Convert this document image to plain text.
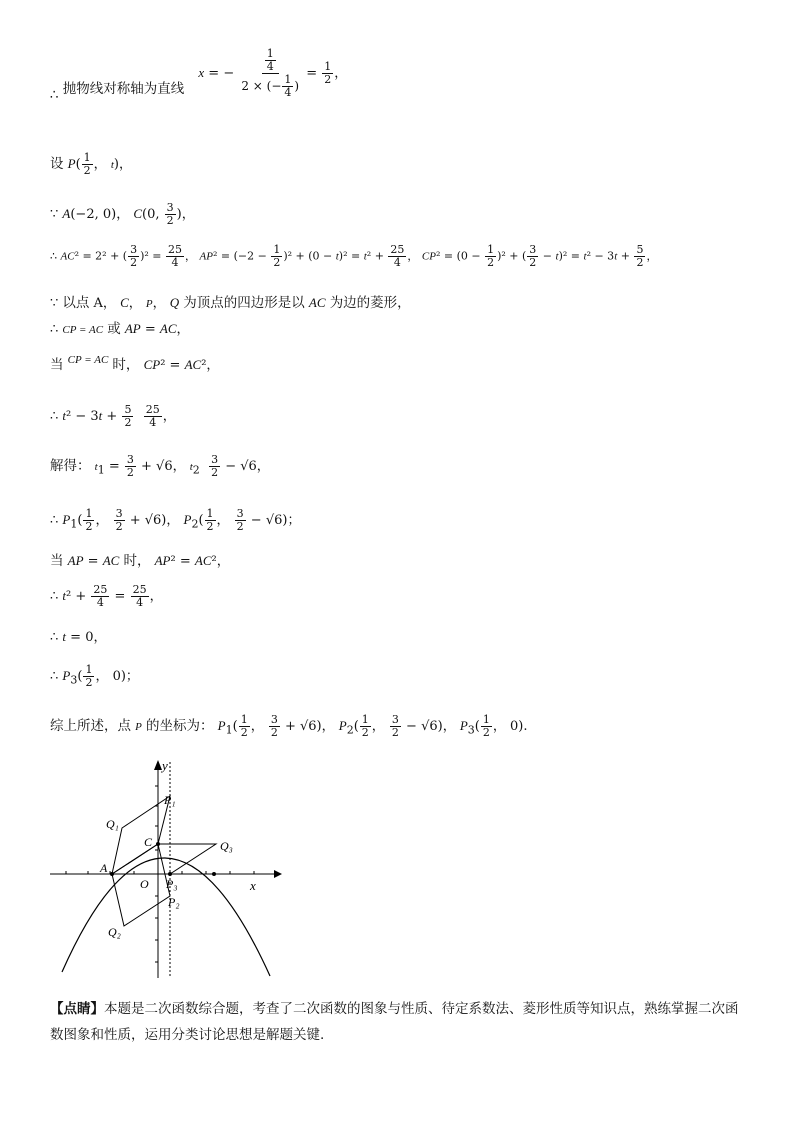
∴ 抛物线对称轴为直线 x = − $\frac{\frac{1}{4}}{2 \times (- \frac{1}{4} )} = \frac{1}{2}$ ，
设 $P( \frac{1}{2}$ ， t)，
∵ A(−2, 0)， C(0, $\frac{3}{2}$ )，
∴ AC² = 2² + ( $\frac{3}{2} )^2 = \frac{25}{4}$ ， $AP^2 = (-2 - \frac{1}{2} )^2 + (0 - t)^2 = t^2 + \frac{25}{4}$ ， $CP^2 = (0 - \frac{1}{2} )^2$ + ( $\frac{3}{2} - t)^2 = t^2 - 3t + \frac{5}{2}$ ，
∵ 以点 A， C， P， Q 为顶点的四边形是以 AC 为边的菱形，
∴ CP = AC 或 AP = AC，
当 $^{CP = AC}$ 时， CP² = AC²，
∴ $t^2 - 3t + \frac{5}{2}$
$\frac{25}{4}$ ，
解得： $t_1 = \frac{3}{2} + √6$， $t_2 \frac{3}{2} - √6$，
∴ $P_1( \frac{1}{2}$ ， $\frac{3}{2} + √6$)， $P_2( \frac{1}{2}$ ， $\frac{3}{2} - √6$)；
当 AP = AC 时， AP² = AC²，
∴ $t^2 + \frac{25}{4} = \frac{25}{4}$ ，
∴ t = 0，
∴ $P_3( \frac{1}{2}$ ， 0)；
综上所述，点 P 的坐标为： $P_1( \frac{1}{2}$ ， $\frac{3}{2} + √6$)， $P_2( \frac{1}{2}$ ， $\frac{3}{2} - √6$)， $P_3( \frac{1}{2}$ ， 0).
y
x
A
O
C
P₁
P₂
P₃
Q₁
Q₂
Q₃
【点睛】本题是二次函数综合题，考查了二次函数的图象与性质、待定系数法、菱形性质等知识点，熟练掌握二次函数图象和性质，运用分类讨论思想是解题关键.
